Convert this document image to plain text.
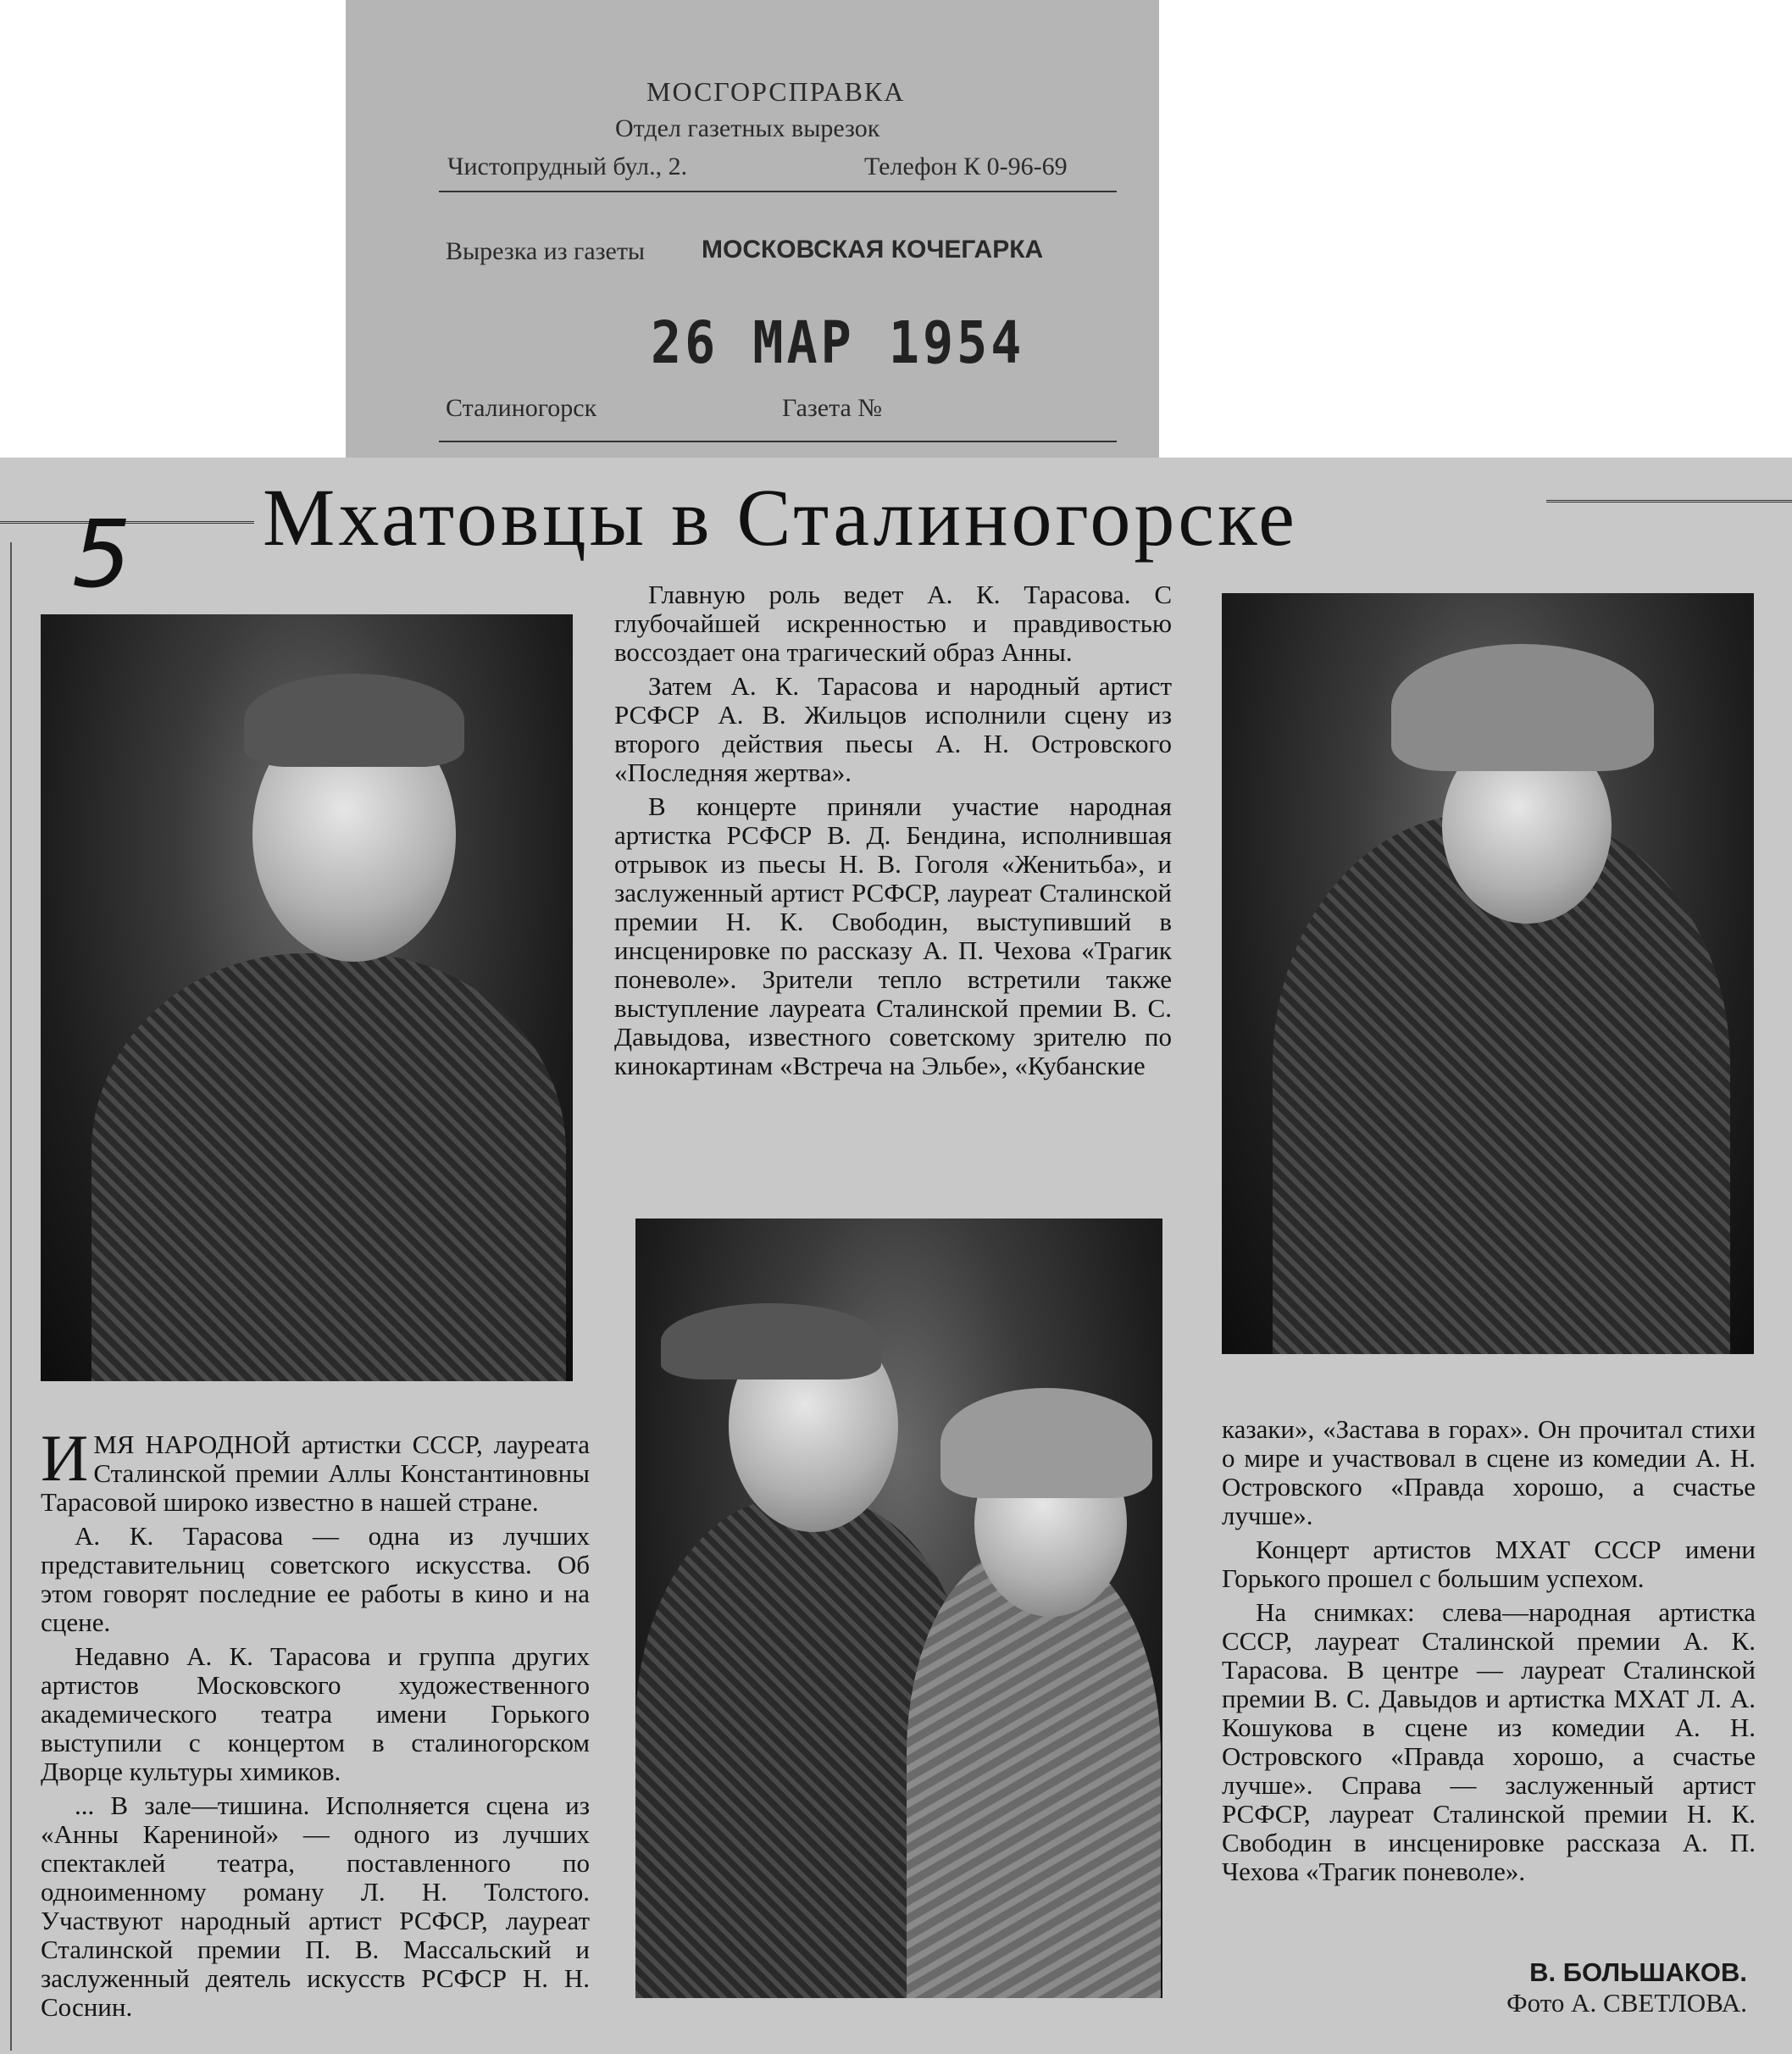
МОСГОРСПРАВКА
Отдел газетных вырезок
Чистопрудный бул., 2.	Телефон К 0-96-69
Вырезка из газеты МОСКОВСКАЯ КОЧЕГАРКА
26 МАР 1954
Сталиногорск	Газета №
5 Мхатовцы в Сталиногорске

ИМЯ НАРОДНОЙ артистки СССР, лауреата Сталинской премии Аллы Константиновны Тарасовой широко известно в нашей стране.

А. К. Тарасова — одна из лучших представительниц советского искусства. Об этом говорят последние ее работы в кино и на сцене.

Недавно А. К. Тарасова и группа других артистов Московского художественного академического театра имени Горького выступили с концертом в сталиногорском Дворце культуры химиков.

... В зале—тишина. Исполняется сцена из «Анны Карениной» — одного из лучших спектаклей театра, поставленного по одноименному роману Л. Н. Толстого. Участвуют народный артист РСФСР, лауреат Сталинской премии П. В. Массальский и заслуженный деятель искусств РСФСР Н. Н. Соснин.

Главную роль ведет А. К. Тарасова. С глубочайшей искренностью и правдивостью воссоздает она трагический образ Анны.

Затем А. К. Тарасова и народный артист РСФСР А. В. Жильцов исполнили сцену из второго действия пьесы А. Н. Островского «Последняя жертва».

В концерте приняли участие народная артистка РСФСР В. Д. Бендина, исполнившая отрывок из пьесы Н. В. Гоголя «Женитьба», и заслуженный артист РСФСР, лауреат Сталинской премии Н. К. Свободин, выступивший в инсценировке по рассказу А. П. Чехова «Трагик поневоле». Зрители тепло встретили также выступление лауреата Сталинской премии В. С. Давыдова, известного советскому зрителю по кинокартинам «Встреча на Эльбе», «Кубанские

казаки», «Застава в горах». Он прочитал стихи о мире и участвовал в сцене из комедии А. Н. Островского «Правда хорошо, а счастье лучше».

Концерт артистов МХАТ СССР имени Горького прошел с большим успехом.

На снимках: слева—народная артистка СССР, лауреат Сталинской премии А. К. Тарасова. В центре — лауреат Сталинской премии В. С. Давыдов и артистка МХАТ Л. А. Кошукова в сцене из комедии А. Н. Островского «Правда хорошо, а счастье лучше». Справа — заслуженный артист РСФСР, лауреат Сталинской премии Н. К. Свободин в инсценировке рассказа А. П. Чехова «Трагик поневоле».

В. БОЛЬШАКОВ.
Фото А. СВЕТЛОВА.
